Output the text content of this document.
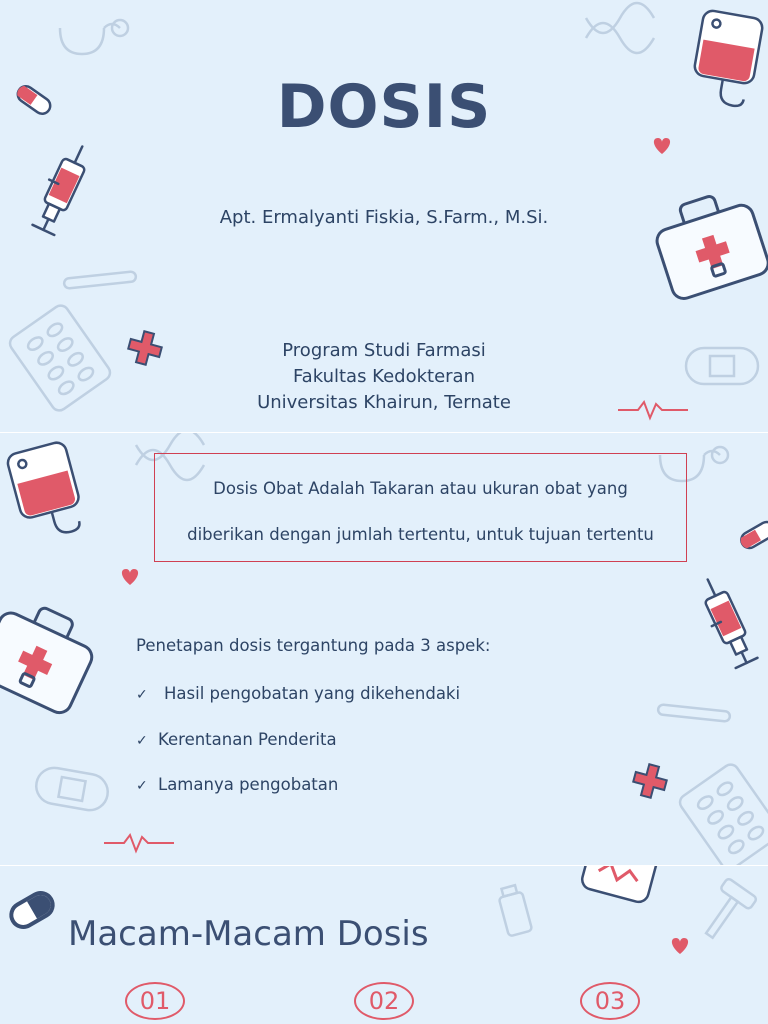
DOSIS
Apt. Ermalyanti Fiskia, S.Farm., M.Si.
Program Studi Farmasi
Fakultas Kedokteran
Universitas Khairun, Ternate
Dosis Obat Adalah Takaran atau ukuran obat yang
diberikan dengan jumlah tertentu, untuk tujuan tertentu
Penetapan dosis tergantung pada 3 aspek:
✓ Hasil pengobatan yang dikehendaki
✓ Kerentanan Penderita
✓ Lamanya pengobatan
Macam-Macam Dosis
01	02	03
